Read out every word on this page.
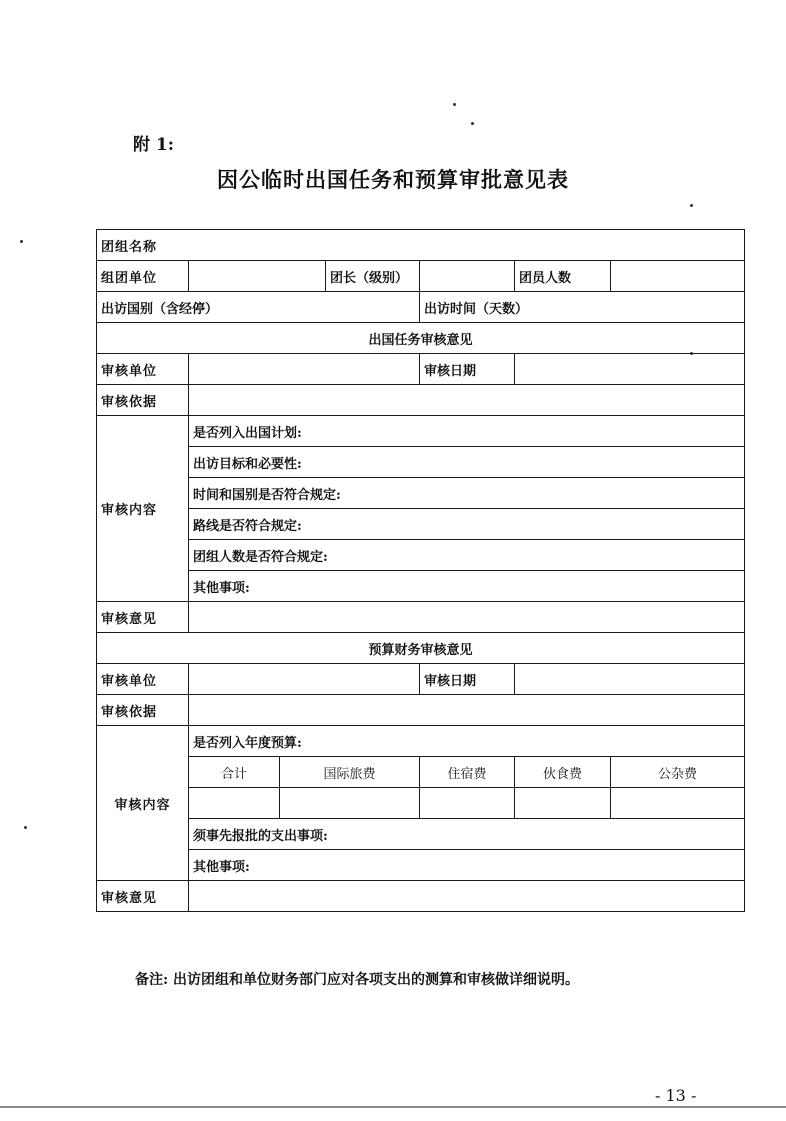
附 1:
因公临时出国任务和预算审批意见表
团组名称							
组团单位			团长（级别）		团员人数		
出访国别（含经停）				出访时间（天数）			
出国任务审核意见							
审核单位				审核日期			
审核依据							
审核内容	是否列入出国计划:						
	出访目标和必要性:						
	时间和国别是否符合规定:						
	路线是否符合规定:						
	团组人数是否符合规定:						
	其他事项:						
审核意见							
预算财务审核意见							
审核单位				审核日期			
审核依据							
审核内容	是否列入年度预算:						
	合计	国际旅费		住宿费	伙食费	公杂费	

	须事先报批的支出事项:						
	其他事项:						
审核意见							
备注: 出访团组和单位财务部门应对各项支出的测算和审核做详细说明。
- 13 -
